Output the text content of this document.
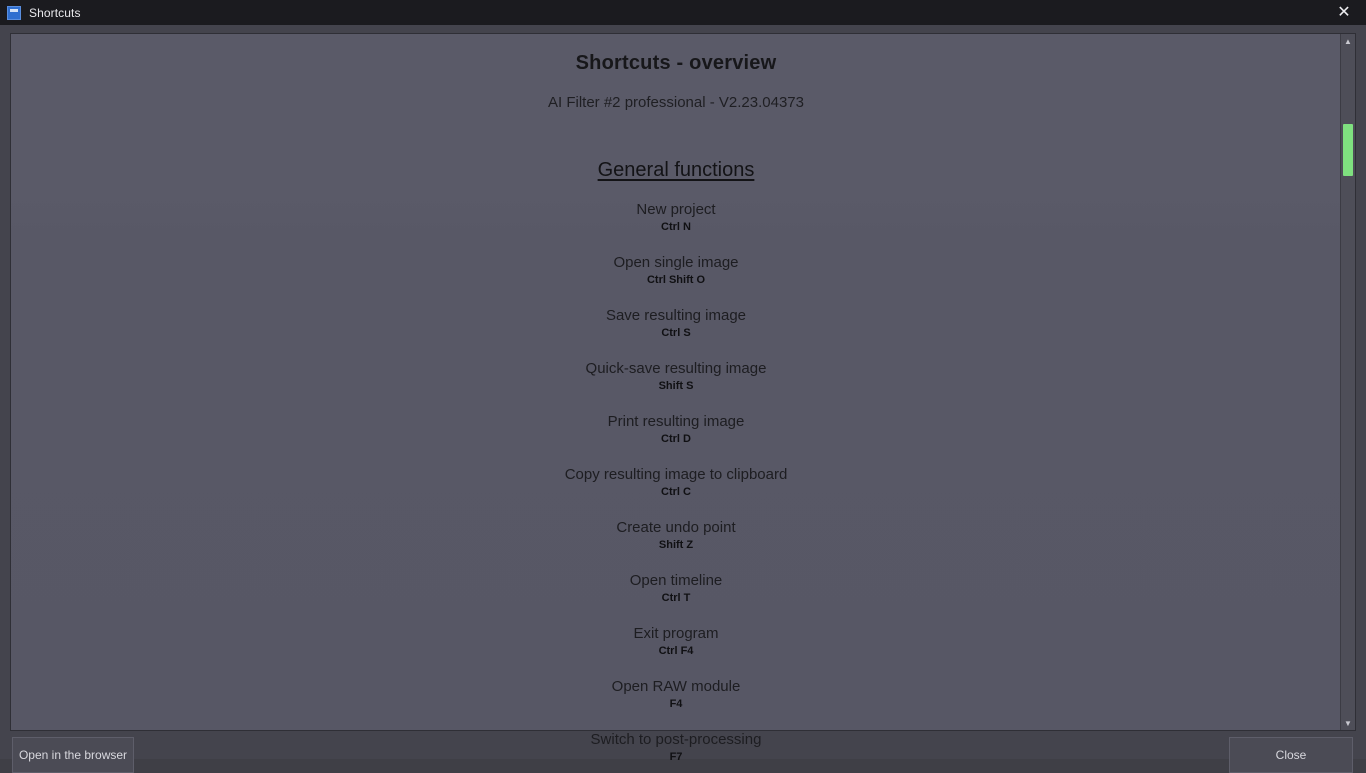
Shortcuts	✕
Shortcuts - overview
AI Filter #2 professional - V2.23.04373
General functions
New project
Ctrl N
Open single image
Ctrl Shift O
Save resulting image
Ctrl S
Quick-save resulting image
Shift S
Print resulting image
Ctrl D
Copy resulting image to clipboard
Ctrl C
Create undo point
Shift Z
Open timeline
Ctrl T
Exit program
Ctrl F4
Open RAW module
F4
Switch to post-processing
F7
▲
▼
Open in the browser	Close
